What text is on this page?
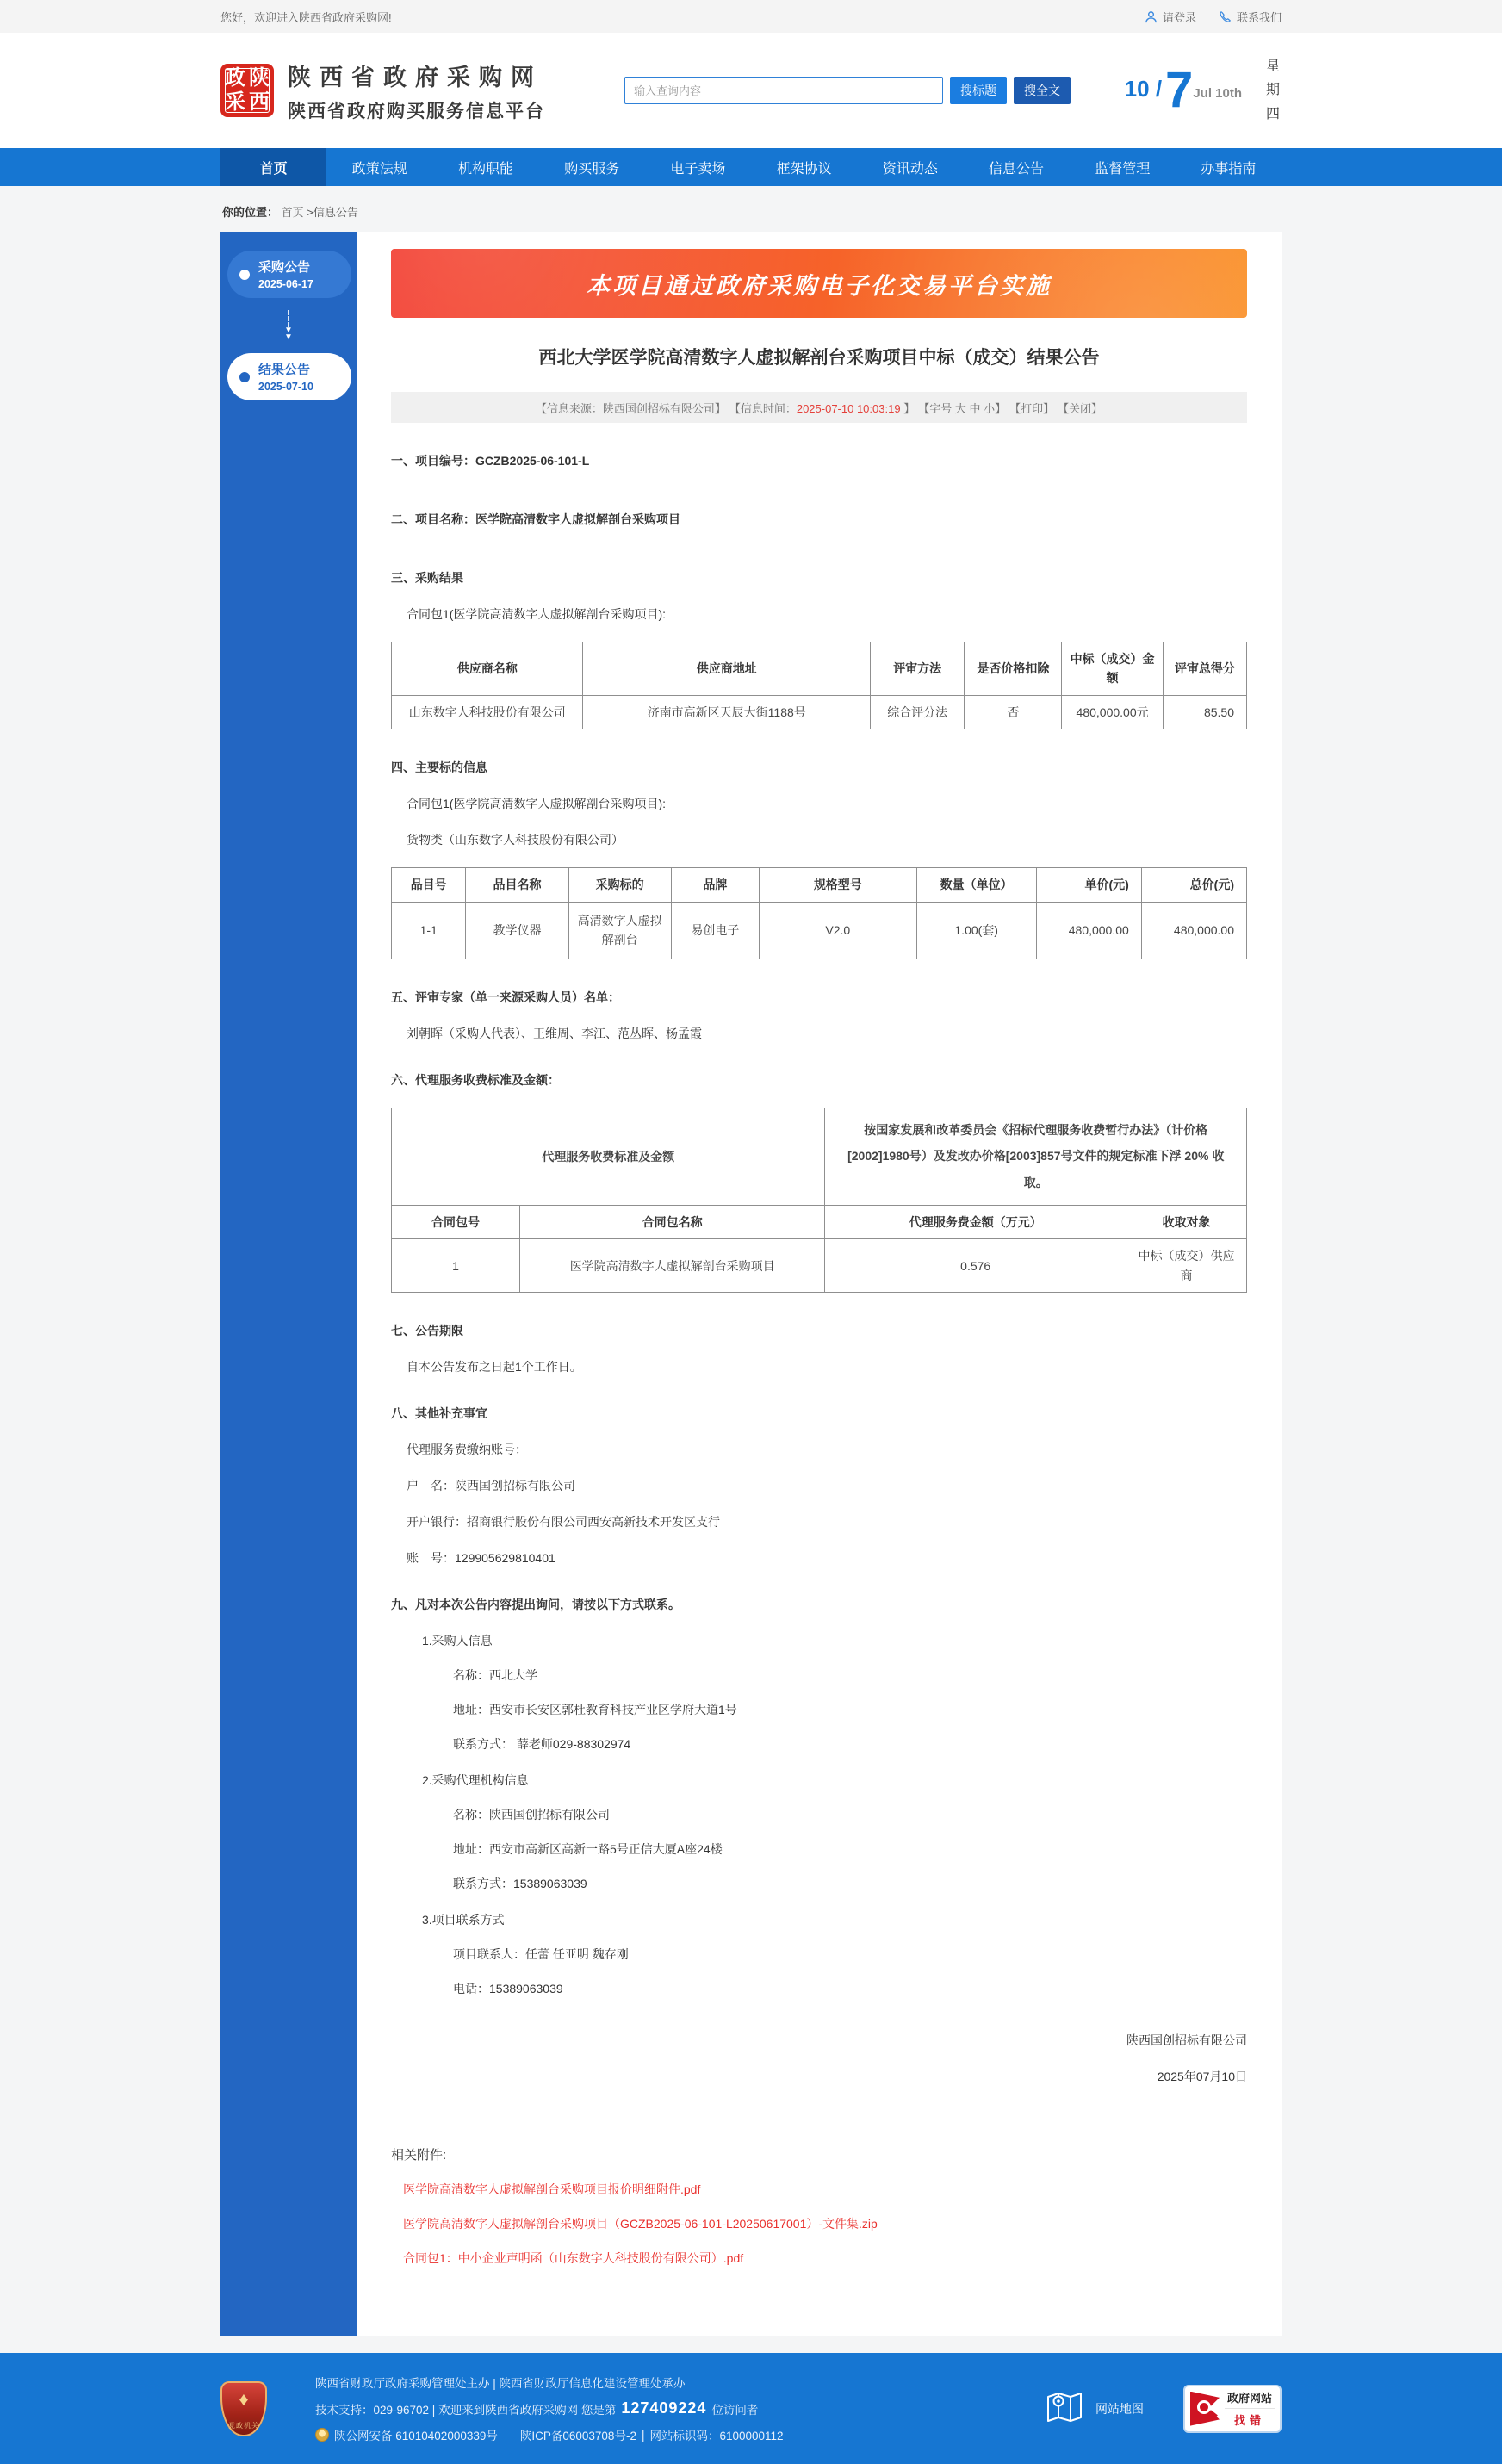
您好，欢迎进入陕西省政府采购网!	请登录	联系我们
政 陕
采 西
陕西省政府采购网
陕西省政府购买服务信息平台
输入查询内容
搜标题	搜全文	10 / 7 Jul 10th
星期四
首页	政策法规	机构职能	购买服务	电子卖场	框架协议	资讯动态	信息公告	监督管理	办事指南
你的位置： 首页 >信息公告
采购公告
2025-06-17
▼
▼
结果公告
2025-07-10
本项目通过政府采购电子化交易平台实施
西北大学医学院高清数字人虚拟解剖台采购项目中标（成交）结果公告
【信息来源：陕西国创招标有限公司】 【信息时间：2025-07-10 10:03:19 】 【字号 大 中 小】 【打印】 【关闭】
一、项目编号：GCZB2025-06-101-L
二、项目名称：医学院高清数字人虚拟解剖台采购项目
三、采购结果
合同包1(医学院高清数字人虚拟解剖台采购项目):
供应商名称	供应商地址	评审方法	是否价格扣除	中标（成交）金额	评审总得分
山东数字人科技股份有限公司	济南市高新区天辰大街1188号	综合评分法	否	480,000.00元	85.50
四、主要标的信息
合同包1(医学院高清数字人虚拟解剖台采购项目):
货物类（山东数字人科技股份有限公司）
品目号	品目名称	采购标的	品牌	规格型号	数量（单位）	单价(元)	总价(元)
1-1	教学仪器	高清数字人虚拟解剖台	易创电子	V2.0	1.00(套)	480,000.00	480,000.00
五、评审专家（单一来源采购人员）名单：
刘朝晖（采购人代表）、王维周、李江、范丛晖、杨孟霞
六、代理服务收费标准及金额：
代理服务收费标准及金额		按国家发展和改革委员会《招标代理服务收费暂行办法》（计价格[2002]1980号）及发改办价格[2003]857号文件的规定标准下浮 20% 收取。	
合同包号	合同包名称	代理服务费金额（万元）	收取对象
1	医学院高清数字人虚拟解剖台采购项目	0.576	中标（成交）供应商
七、公告期限
自本公告发布之日起1个工作日。
八、其他补充事宜
代理服务费缴纳账号：
户　名：陕西国创招标有限公司
开户银行：招商银行股份有限公司西安高新技术开发区支行
账　号：129905629810401
九、凡对本次公告内容提出询问，请按以下方式联系。
1.采购人信息
名称：西北大学
地址：西安市长安区郭杜教育科技产业区学府大道1号
联系方式： 薛老师029-88302974
2.采购代理机构信息
名称：陕西国创招标有限公司
地址：西安市高新区高新一路5号正信大厦A座24楼
联系方式：15389063039
3.项目联系方式
项目联系人：任蕾 任亚明 魏存刚
电话：15389063039
陕西国创招标有限公司
2025年07月10日
相关附件:
医学院高清数字人虚拟解剖台采购项目报价明细附件.pdf
医学院高清数字人虚拟解剖台采购项目（GCZB2025-06-101-L20250617001）-文件集.zip
合同包1：中小企业声明函（山东数字人科技股份有限公司）.pdf
♦
党政机关
陕西省财政厅政府采购管理处主办 | 陕西省财政厅信息化建设管理处承办
技术支持：029-96702 | 欢迎来到陕西省政府采购网 您是第 127409224 位访问者
陕公网安备 61010402000339号 陕ICP备06003708号-2 | 网站标识码：6100000112
网站地图
政府网站
找错
